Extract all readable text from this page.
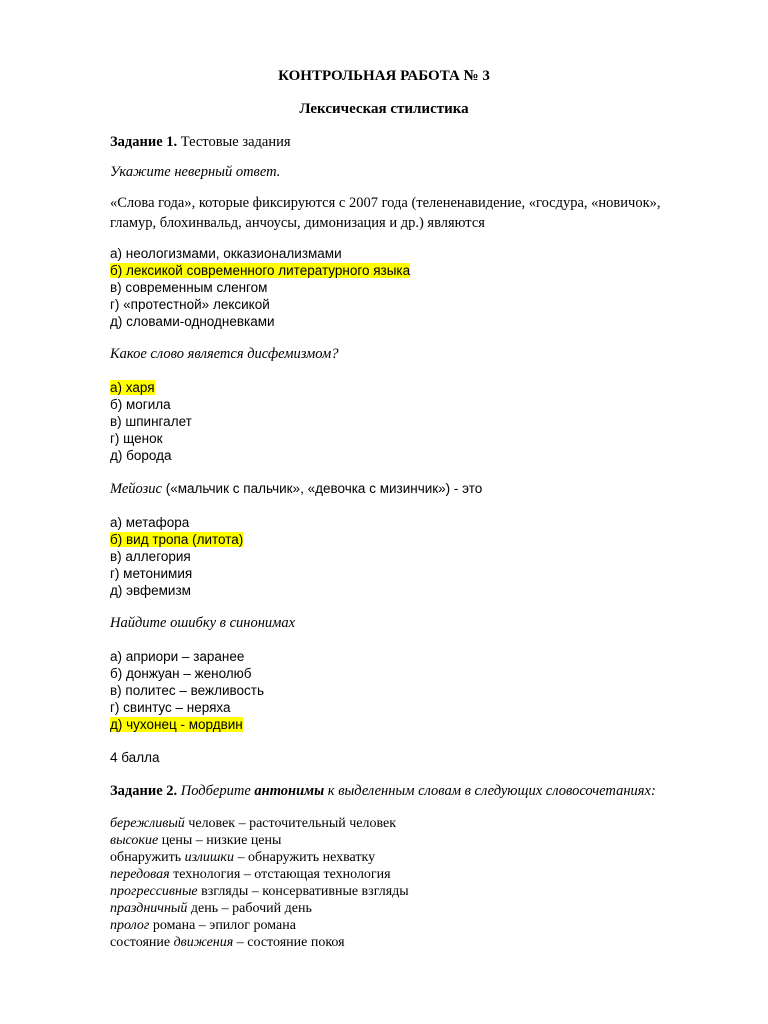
КОНТРОЛЬНАЯ РАБОТА № 3
Лексическая стилистика
Задание 1. Тестовые задания
Укажите неверный ответ.
«Слова года», которые фиксируются с 2007 года (телененавидение, «госдура, «новичок», гламур, блохинвальд, анчоусы, димонизация и др.) являются
а) неологизмами, окказионализмами
б) лексикой современного литературного языка
в) современным сленгом
г) «протестной» лексикой
д) словами-однодневками
Какое слово является дисфемизмом?
а) харя
б) могила
в) шпингалет
г) щенок
д) борода
Мейозис («мальчик с пальчик», «девочка с мизинчик») - это
а) метафора
б) вид тропа (литота)
в) аллегория
г) метонимия
д) эвфемизм
Найдите ошибку в синонимах
а) априори – заранее
б) донжуан – женолюб
в) политес – вежливость
г) свинтус – неряха
д) чухонец - мордвин
4 балла
Задание 2. Подберите антонимы к выделенным словам в следующих словосочетаниях:
бережливый человек – расточительный человек
высокие цены – низкие цены
обнаружить излишки – обнаружить нехватку
передовая технология – отстающая технология
прогрессивные взгляды – консервативные взгляды
праздничный день – рабочий день
пролог романа – эпилог романа
состояние движения – состояние покоя
